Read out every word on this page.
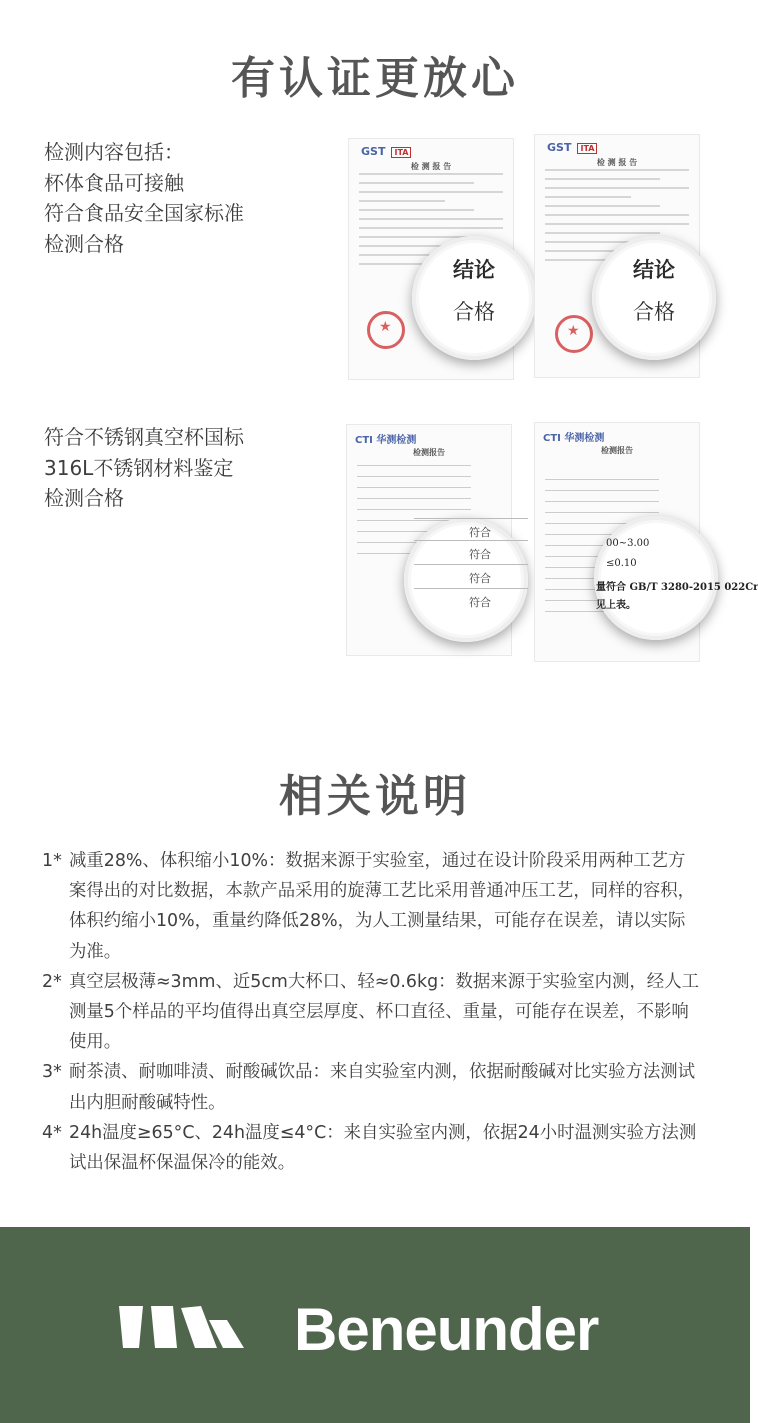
有认证更放心
检测内容包括：
杯体食品可接触
符合食品安全国家标准
检测合格
GST ITA
检 测 报 告
★
结论
合格
GST ITA
检 测 报 告
★
结论
合格
符合不锈钢真空杯国标
316L不锈钢材料鉴定
检测合格
CTI 华测检测
检测报告
符合
符合
符合
符合
CTI 华测检测
检测报告
00~3.00
≤0.10
量符合 GB/T 3280-2015 022Cr
见上表。
相关说明
1* 减重28%、体积缩小10%：数据来源于实验室，通过在设计阶段采用两种工艺方案得出的对比数据，本款产品采用的旋薄工艺比采用普通冲压工艺，同样的容积，体积约缩小10%，重量约降低28%，为人工测量结果，可能存在误差，请以实际为准。
2* 真空层极薄≈3mm、近5cm大杯口、轻≈0.6kg：数据来源于实验室内测，经人工测量5个样品的平均值得出真空层厚度、杯口直径、重量，可能存在误差，不影响使用。
3* 耐茶渍、耐咖啡渍、耐酸碱饮品：来自实验室内测，依据耐酸碱对比实验方法测试出内胆耐酸碱特性。
4* 24h温度≥65°C、24h温度≤4°C：来自实验室内测，依据24小时温测实验方法测试出保温杯保温保冷的能效。
Beneunder
